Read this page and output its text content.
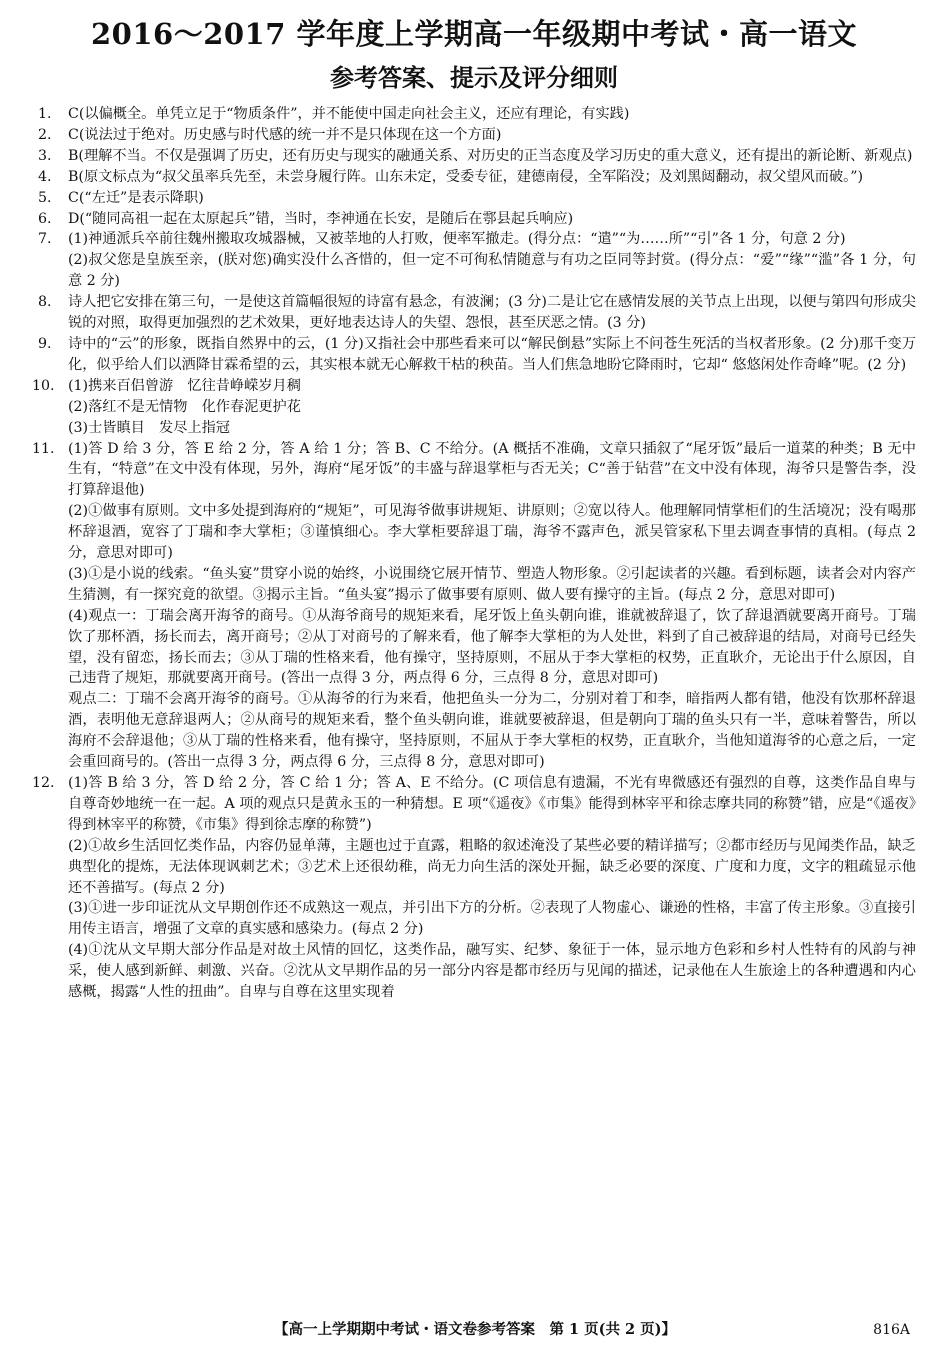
2016～2017 学年度上学期高一年级期中考试・高一语文
参考答案、提示及评分细则
1.	C(以偏概全。单凭立足于“物质条件”，并不能使中国走向社会主义，还应有理论，有实践)
2.	C(说法过于绝对。历史感与时代感的统一并不是只体现在这一个方面)
3.	B(理解不当。不仅是强调了历史，还有历史与现实的融通关系、对历史的正当态度及学习历史的重大意义，还有提出的新论断、新观点)
4.	B(原文标点为“叔父虽率兵先至，未尝身履行阵。山东未定，受委专征，建德南侵，全军陷没；及刘黑闼翻动，叔父望风而破。”)
5.	C(“左迁”是表示降职)
6.	D(“随同高祖一起在太原起兵”错，当时，李神通在长安，是随后在鄠县起兵响应)
7.	(1)神通派兵卒前往魏州搬取攻城器械，又被莘地的人打败，便率军撤走。(得分点：“遣”“为……所”“引”各 1 分，句意 2 分)
(2)叔父您是皇族至亲，(朕对您)确实没什么吝惜的，但一定不可徇私情随意与有功之臣同等封赏。(得分点：“爱”“缘”“滥”各 1 分，句意 2 分)
8.	诗人把它安排在第三句，一是使这首篇幅很短的诗富有悬念，有波澜；(3 分)二是让它在感情发展的关节点上出现，以便与第四句形成尖锐的对照，取得更加强烈的艺术效果，更好地表达诗人的失望、怨恨，甚至厌恶之情。(3 分)
9.	诗中的“云”的形象，既指自然界中的云，(1 分)又指社会中那些看来可以“解民倒悬”实际上不问苍生死活的当权者形象。(2 分)那千变万化，似乎给人们以洒降甘霖希望的云，其实根本就无心解救干枯的秧苗。当人们焦急地盼它降雨时，它却“ 悠悠闲处作奇峰”呢。(2 分)
10. (1)携来百侣曾游　忆往昔峥嵘岁月稠
(2)落红不是无情物　化作春泥更护花
(3)士皆瞋目　发尽上指冠
11. (1)答 D 给 3 分，答 E 给 2 分，答 A 给 1 分；答 B、C 不给分。(A 概括不准确，文章只插叙了“尾牙饭”最后一道菜的种类；B 无中生有，“特意”在文中没有体现，另外，海府“尾牙饭”的丰盛与辞退掌柜与否无关；C“善于钻营”在文中没有体现，海爷只是警告李，没打算辞退他)
(2)①做事有原则。文中多处提到海府的“规矩”，可见海爷做事讲规矩、讲原则；②宽以待人。他理解同情掌柜们的生活境况；没有喝那杯辞退酒，宽容了丁瑞和李大掌柜；③谨慎细心。李大掌柜要辞退丁瑞，海爷不露声色，派吴管家私下里去调查事情的真相。(每点 2 分，意思对即可)
(3)①是小说的线索。“鱼头宴”贯穿小说的始终，小说围绕它展开情节、塑造人物形象。②引起读者的兴趣。看到标题，读者会对内容产生猜测，有一探究竟的欲望。③揭示主旨。“鱼头宴”揭示了做事要有原则、做人要有操守的主旨。(每点 2 分，意思对即可)
(4)观点一：丁瑞会离开海爷的商号。①从海爷商号的规矩来看，尾牙饭上鱼头朝向谁，谁就被辞退了，饮了辞退酒就要离开商号。丁瑞饮了那杯酒，扬长而去，离开商号；②从丁对商号的了解来看，他了解李大掌柜的为人处世，料到了自己被辞退的结局，对商号已经失望，没有留恋，扬长而去；③从丁瑞的性格来看，他有操守，坚持原则，不屈从于李大掌柜的权势，正直耿介，无论出于什么原因，自己违背了规矩，那就要离开商号。(答出一点得 3 分，两点得 6 分，三点得 8 分，意思对即可)
观点二：丁瑞不会离开海爷的商号。①从海爷的行为来看，他把鱼头一分为二，分别对着丁和李，暗指两人都有错，他没有饮那杯辞退酒，表明他无意辞退两人；②从商号的规矩来看，整个鱼头朝向谁，谁就要被辞退，但是朝向丁瑞的鱼头只有一半，意味着警告，所以海府不会辞退他；③从丁瑞的性格来看，他有操守，坚持原则，不屈从于李大掌柜的权势，正直耿介，当他知道海爷的心意之后，一定会重回商号的。(答出一点得 3 分，两点得 6 分，三点得 8 分，意思对即可)
12. (1)答 B 给 3 分，答 D 给 2 分，答 C 给 1 分；答 A、E 不给分。(C 项信息有遗漏，不光有卑微感还有强烈的自尊，这类作品自卑与自尊奇妙地统一在一起。A 项的观点只是黄永玉的一种猜想。E 项“《遥夜》《市集》能得到林宰平和徐志摩共同的称赞”错，应是“《遥夜》得到林宰平的称赞，《市集》得到徐志摩的称赞”)
(2)①故乡生活回忆类作品，内容仍显单薄，主题也过于直露，粗略的叙述淹没了某些必要的精详描写；②都市经历与见闻类作品，缺乏典型化的提炼，无法体现讽刺艺术；③艺术上还很幼稚，尚无力向生活的深处开掘，缺乏必要的深度、广度和力度，文字的粗疏显示他还不善描写。(每点 2 分)
(3)①进一步印证沈从文早期创作还不成熟这一观点，并引出下方的分析。②表现了人物虚心、谦逊的性格，丰富了传主形象。③直接引用传主语言，增强了文章的真实感和感染力。(每点 2 分)
(4)①沈从文早期大部分作品是对故土风情的回忆，这类作品，融写实、纪梦、象征于一体，显示地方色彩和乡村人性特有的风韵与神采，使人感到新鲜、刺激、兴奋。②沈从文早期作品的另一部分内容是都市经历与见闻的描述，记录他在人生旅途上的各种遭遇和内心感概，揭露“人性的扭曲”。自卑与自尊在这里实现着
【高一上学期期中考试・语文卷参考答案　第 1 页(共 2 页)】	816A
